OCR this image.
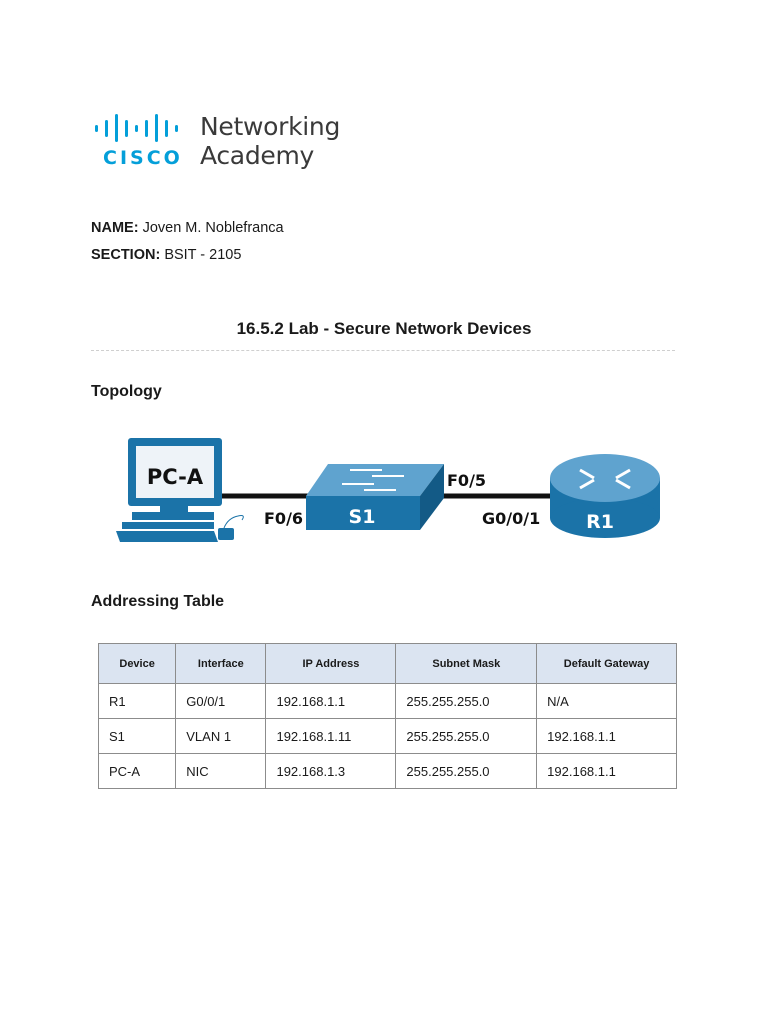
CISCO
Networking
Academy
NAME: Joven M. Noblefranca
SECTION: BSIT - 2105
16.5.2 Lab - Secure Network Devices
Topology
PC-A
S1	R1
F0/6
F0/5
G0/0/1
Addressing Table
Device	Interface	IP Address	Subnet Mask	Default Gateway
R1	G0/0/1	192.168.1.1	255.255.255.0	N/A
S1	VLAN 1	192.168.1.11	255.255.255.0	192.168.1.1
PC-A	NIC	192.168.1.3	255.255.255.0	192.168.1.1
